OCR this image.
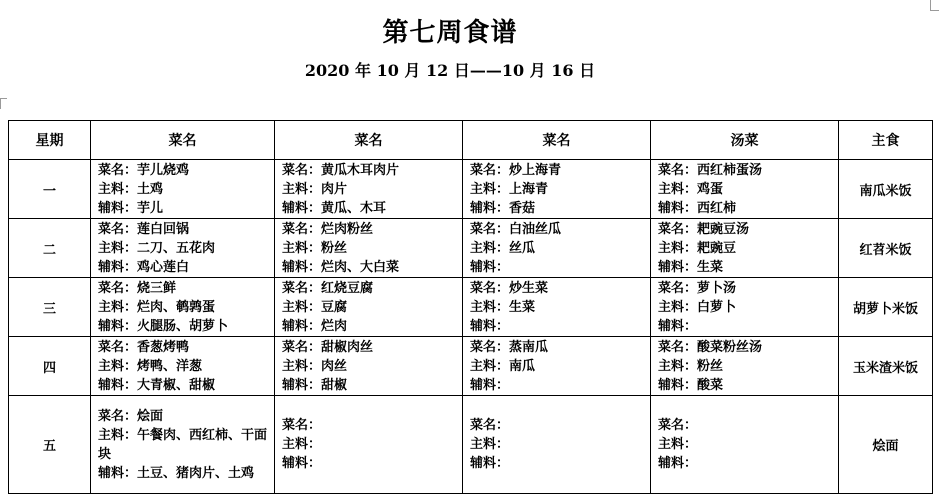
第七周食谱
2020 年 10 月 12 日——10 月 16 日
星期	菜名	菜名	菜名	汤菜	主食
一	菜名：芋儿烧鸡
主料：土鸡
辅料：芋儿	菜名：黄瓜木耳肉片
主料：肉片
辅料：黄瓜、木耳	菜名：炒上海青
主料：上海青
辅料：香菇	菜名：西红柿蛋汤
主料：鸡蛋
辅料：西红柿	南瓜米饭
二	菜名：莲白回锅
主料：二刀、五花肉
辅料：鸡心莲白	菜名：烂肉粉丝
主料：粉丝
辅料：烂肉、大白菜	菜名：白油丝瓜
主料：丝瓜
辅料：	菜名：耙豌豆汤
主料：耙豌豆
辅料：生菜	红苕米饭
三	菜名：烧三鲜
主料：烂肉、鹌鹑蛋
辅料：火腿肠、胡萝卜	菜名：红烧豆腐
主料：豆腐
辅料：烂肉	菜名：炒生菜
主料：生菜
辅料：	菜名：萝卜汤
主料：白萝卜
辅料：	胡萝卜米饭
四	菜名：香葱烤鸭
主料：烤鸭、洋葱
辅料：大青椒、甜椒	菜名：甜椒肉丝
主料：肉丝
辅料：甜椒	菜名：蒸南瓜
主料：南瓜
辅料：	菜名：酸菜粉丝汤
主料：粉丝
辅料：酸菜	玉米渣米饭
五	菜名：烩面
主料：午餐肉、西红柿、干面块
辅料：土豆、猪肉片、土鸡	菜名：
主料：
辅料：	菜名：
主料：
辅料：	菜名：
主料：
辅料：	烩面
